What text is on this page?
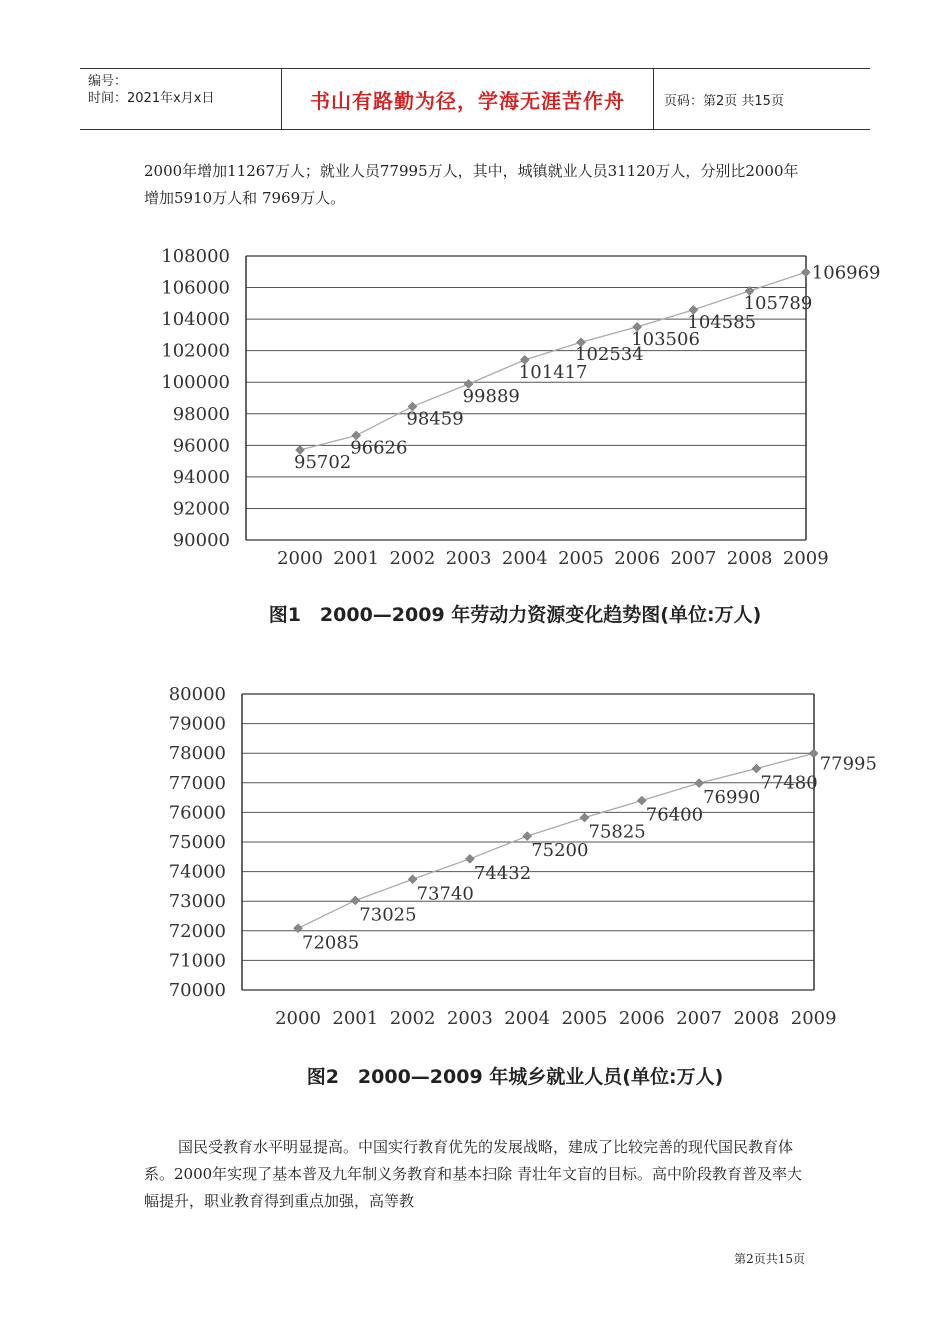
编号：
时间：2021年x月x日	书山有路勤为径，学海无涯苦作舟	页码：第2页 共15页
2000年增加11267万人；就业人员77995万人，其中，城镇就业人员31120万人，分别比2000年增加5910万人和 7969万人。
90000
92000
94000
96000
98000
100000
102000
104000
106000
108000
2000 2001 2002 2003 2004 2005 2006 2007 2008 2009
95702
96626
98459
99889
101417
102534
103506
104585
105789
106969
图1　2000—2009 年劳动力资源变化趋势图(单位:万人)
70000
71000
72000
73000
74000
75000
76000
77000
78000
79000
80000
2000 2001 2002 2003 2004 2005 2006 2007 2008 2009
72085
73025
73740
74432
75200
75825
76400
76990
77480
77995
图2　2000—2009 年城乡就业人员(单位:万人)
国民受教育水平明显提高。中国实行教育优先的发展战略，建成了比较完善的现代国民教育体系。2000年实现了基本普及九年制义务教育和基本扫除 青壮年文盲的目标。高中阶段教育普及率大幅提升，职业教育得到重点加强，高等教
第2页共15页
